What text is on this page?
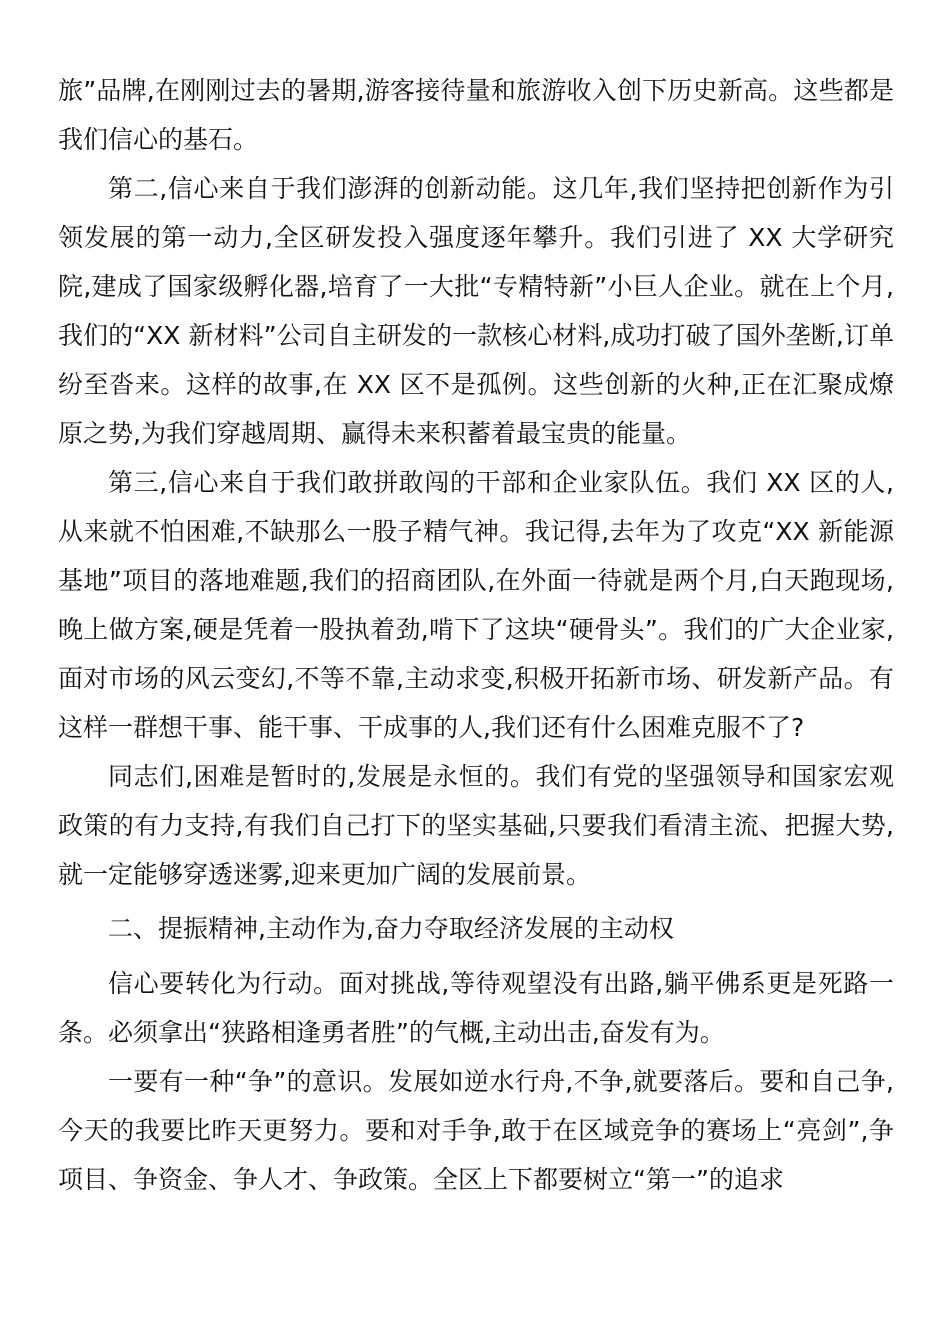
旅”品牌,在刚刚过去的暑期,游客接待量和旅游收入创下历史新高。这些都是我们信心的基石。

第二,信心来自于我们澎湃的创新动能。这几年,我们坚持把创新作为引领发展的第一动力,全区研发投入强度逐年攀升。我们引进了 XX 大学研究院,建成了国家级孵化器,培育了一大批“专精特新”小巨人企业。就在上个月,我们的“XX 新材料”公司自主研发的一款核心材料,成功打破了国外垄断,订单纷至沓来。这样的故事,在 XX 区不是孤例。这些创新的火种,正在汇聚成燎原之势,为我们穿越周期、赢得未来积蓄着最宝贵的能量。

第三,信心来自于我们敢拼敢闯的干部和企业家队伍。我们 XX 区的人,从来就不怕困难,不缺那么一股子精气神。我记得,去年为了攻克“XX 新能源基地”项目的落地难题,我们的招商团队,在外面一待就是两个月,白天跑现场,晚上做方案,硬是凭着一股执着劲,啃下了这块“硬骨头”。我们的广大企业家,面对市场的风云变幻,不等不靠,主动求变,积极开拓新市场、研发新产品。有这样一群想干事、能干事、干成事的人,我们还有什么困难克服不了?

同志们,困难是暂时的,发展是永恒的。我们有党的坚强领导和国家宏观政策的有力支持,有我们自己打下的坚实基础,只要我们看清主流、把握大势,就一定能够穿透迷雾,迎来更加广阔的发展前景。

二、提振精神,主动作为,奋力夺取经济发展的主动权

信心要转化为行动。面对挑战,等待观望没有出路,躺平佛系更是死路一条。必须拿出“狭路相逢勇者胜”的气概,主动出击,奋发有为。

一要有一种“争”的意识。发展如逆水行舟,不争,就要落后。要和自己争,今天的我要比昨天更努力。要和对手争,敢于在区域竞争的赛场上“亮剑”,争项目、争资金、争人才、争政策。全区上下都要树立“第一”的追求
